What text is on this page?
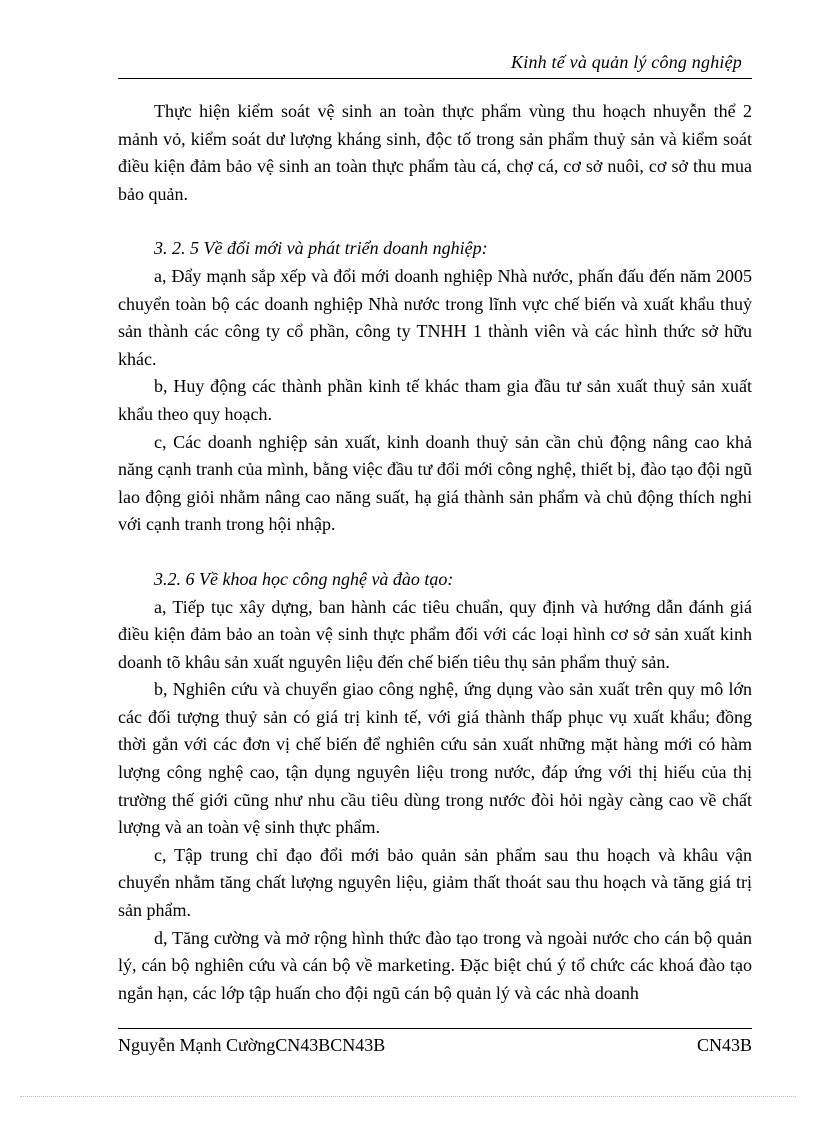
Kinh tế và quản lý công nghiệp

Thực hiện kiểm soát vệ sinh an toàn thực phẩm vùng thu hoạch nhuyễn thể 2 mảnh vỏ, kiểm soát dư lượng kháng sinh, độc tố trong sản phẩm thuỷ sản và kiểm soát điều kiện đảm bảo vệ sinh an toàn thực phẩm tàu cá, chợ cá, cơ sở nuôi, cơ sở thu mua bảo quản.

3. 2. 5 Về đổi mới và phát triển doanh nghiệp:

a, Đẩy mạnh sắp xếp và đổi mới doanh nghiệp Nhà nước, phấn đấu đến năm 2005 chuyển toàn bộ các doanh nghiệp Nhà nước trong lĩnh vực chế biến và xuất khẩu thuỷ sản thành các công ty cổ phần, công ty TNHH 1 thành viên và các hình thức sở hữu khác.

b, Huy động các thành phần kinh tế khác tham gia đầu tư sản xuất thuỷ sản xuất khẩu theo quy hoạch.

c, Các doanh nghiệp sản xuất, kinh doanh thuỷ sản cần chủ động nâng cao khả năng cạnh tranh của mình, bằng việc đầu tư đổi mới công nghệ, thiết bị, đào tạo đội ngũ lao động giỏi nhằm nâng cao năng suất, hạ giá thành sản phẩm và chủ động thích nghi với cạnh tranh trong hội nhập.

3.2. 6 Về khoa học công nghệ và đào tạo:

a, Tiếp tục xây dựng, ban hành các tiêu chuẩn, quy định và hướng dẫn đánh giá điều kiện đảm bảo an toàn vệ sinh thực phẩm đối với các loại hình cơ sở sản xuất kinh doanh tõ khâu sản xuất nguyên liệu đến chế biến tiêu thụ sản phẩm thuỷ sản.

b, Nghiên cứu và chuyển giao công nghệ, ứng dụng vào sản xuất trên quy mô lớn các đối tượng thuỷ sản có giá trị kinh tế, với giá thành thấp phục vụ xuất khẩu; đồng thời gắn với các đơn vị chế biến để nghiên cứu sản xuất những mặt hàng mới có hàm lượng công nghệ cao, tận dụng nguyên liệu trong nước, đáp ứng với thị hiếu của thị trường thế giới cũng như nhu cầu tiêu dùng trong nước đòi hỏi ngày càng cao về chất lượng và an toàn vệ sinh thực phẩm.

c, Tập trung chỉ đạo đổi mới bảo quản sản phẩm sau thu hoạch và khâu vận chuyển nhằm tăng chất lượng nguyên liệu, giảm thất thoát sau thu hoạch và tăng giá trị sản phẩm.

d, Tăng cường và mở rộng hình thức đào tạo trong và ngoài nước cho cán bộ quản lý, cán bộ nghiên cứu và cán bộ về marketing. Đặc biệt chú ý tổ chức các khoá đào tạo ngắn hạn, các lớp tập huấn cho đội ngũ cán bộ quản lý và các nhà doanh

Nguyễn Mạnh CườngCN43BCN43B	CN43B
